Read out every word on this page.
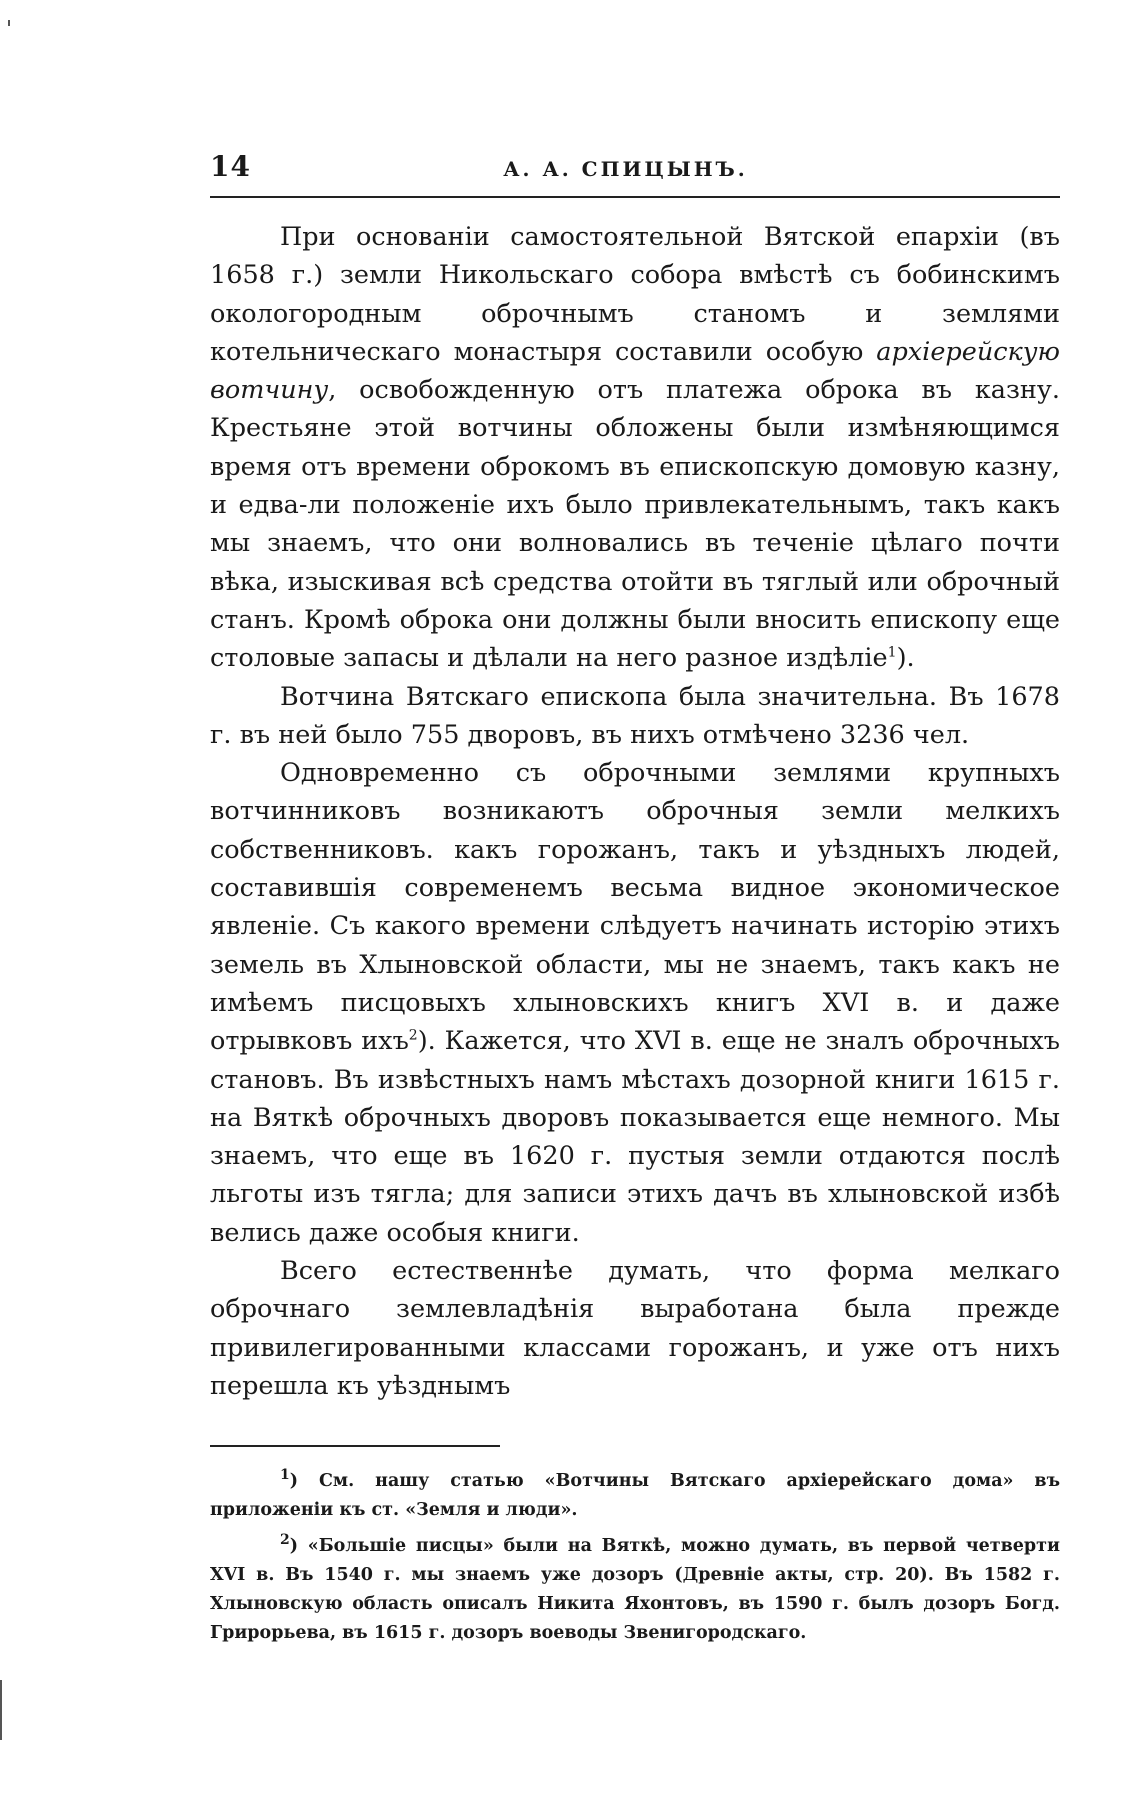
14	А. А. СПИЦЫНЪ.

При основаніи самостоятельной Вятской епархіи (въ 1658 г.) земли Никольскаго собора вмѣстѣ съ бобинскимъ окологородным оброчнымъ станомъ и землями котельническаго монастыря составили особую архіерейскую вотчину, освобожденную отъ платежа оброка въ казну. Крестьяне этой вотчины обложены были измѣняющимся время отъ времени оброкомъ въ епископскую домовую казну, и едва-ли положеніе ихъ было привлекательнымъ, такъ какъ мы знаемъ, что они волновались въ теченіе цѣлаго почти вѣка, изыскивая всѣ средства отойти въ тяглый или оброчный станъ. Кромѣ оброка они должны были вносить епископу еще столовые запасы и дѣлали на него разное издѣліе$^1$).

Вотчина Вятскаго епископа была значительна. Въ 1678 г. въ ней было 755 дворовъ, въ нихъ отмѣчено 3236 чел.

Одновременно съ оброчными землями крупныхъ вотчинниковъ возникаютъ оброчныя земли мелкихъ собственниковъ. какъ горожанъ, такъ и уѣздныхъ людей, составившія современемъ весьма видное экономическое явленіе. Съ какого времени слѣдуетъ начинать исторію этихъ земель въ Хлыновской области, мы не знаемъ, такъ какъ не имѣемъ писцовыхъ хлыновскихъ книгъ XVI в. и даже отрывковъ ихъ$^2$). Кажется, что XVI в. еще не зналъ оброчныхъ становъ. Въ извѣстныхъ намъ мѣстахъ дозорной книги 1615 г. на Вяткѣ оброчныхъ дворовъ показывается еще немного. Мы знаемъ, что еще въ 1620 г. пустыя земли отдаются послѣ льготы изъ тягла; для записи этихъ дачъ въ хлыновской избѣ велись даже особыя книги.

Всего естественнѣе думать, что форма мелкаго оброчнаго землевладѣнія выработана была прежде привилегированными классами горожанъ, и уже отъ нихъ перешла къ уѣзднымъ

$^1$) См. нашу статью «Вотчины Вятскаго архіерейскаго дома» въ приложеніи къ ст. «Земля и люди».

$^2$) «Большіе писцы» были на Вяткѣ, можно думать, въ первой четверти XVI в. Въ 1540 г. мы знаемъ уже дозоръ (Древніе акты, стр. 20). Въ 1582 г. Хлыновскую область описалъ Никита Яхонтовъ, въ 1590 г. былъ дозоръ Богд. Грирорьева, въ 1615 г. дозоръ воеводы Звенигородскаго.
